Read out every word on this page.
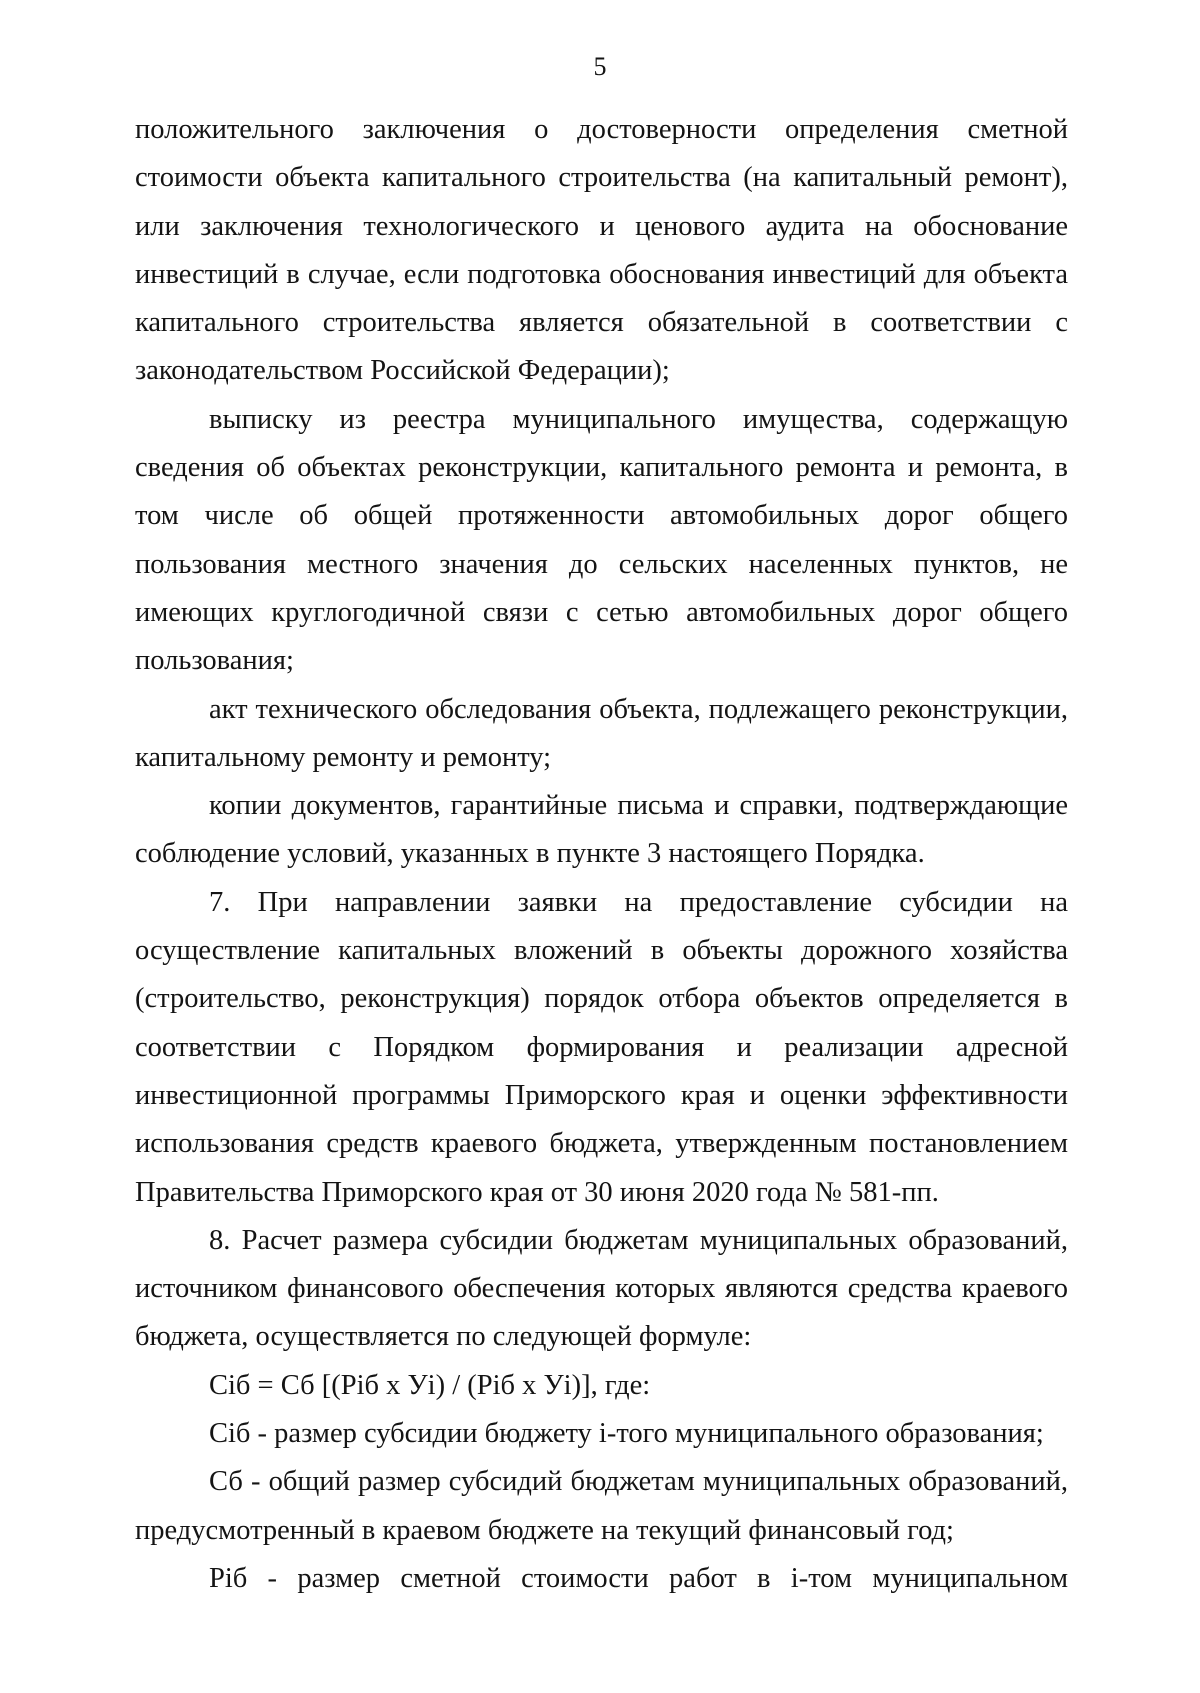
5

положительного заключения о достоверности определения сметной стоимости объекта капитального строительства (на капитальный ремонт), или заключения технологического и ценового аудита на обоснование инвестиций в случае, если подготовка обоснования инвестиций для объекта капитального строительства является обязательной в соответствии с законодательством Российской Федерации);

выписку из реестра муниципального имущества, содержащую сведения об объектах реконструкции, капитального ремонта и ремонта, в том числе об общей протяженности автомобильных дорог общего пользования местного значения до сельских населенных пунктов, не имеющих круглогодичной связи с сетью автомобильных дорог общего пользования;

акт технического обследования объекта, подлежащего реконструкции, капитальному ремонту и ремонту;

копии документов, гарантийные письма и справки, подтверждающие соблюдение условий, указанных в пункте 3 настоящего Порядка.

7. При направлении заявки на предоставление субсидии на осуществление капитальных вложений в объекты дорожного хозяйства (строительство, реконструкция) порядок отбора объектов определяется в соответствии с Порядком формирования и реализации адресной инвестиционной программы Приморского края и оценки эффективности использования средств краевого бюджета, утвержденным постановлением Правительства Приморского края от 30 июня 2020 года № 581-пп.

8. Расчет размера субсидии бюджетам муниципальных образований, источником финансового обеспечения которых являются средства краевого бюджета, осуществляется по следующей формуле:

Сiб = Сб [(Рiб х Уi) / (Рiб х Уi)], где:

Сiб - размер субсидии бюджету i-того муниципального образования;

Сб - общий размер субсидий бюджетам муниципальных образований, предусмотренный в краевом бюджете на текущий финансовый год;

Рiб - размер сметной стоимости работ в i-том муниципальном
